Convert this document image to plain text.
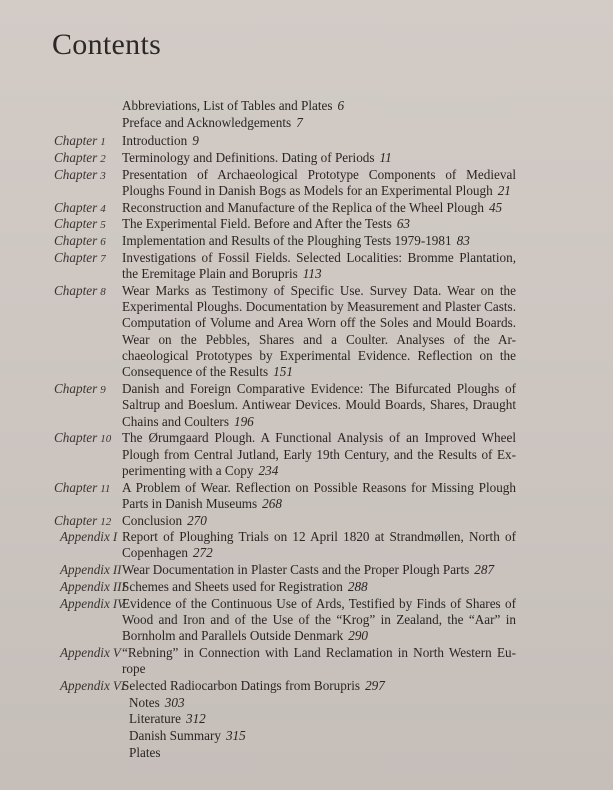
Contents
Abbreviations, List of Tables and Plates 6
Preface and Acknowledgements 7
Chapter 1 Introduction 9
Chapter 2 Terminology and Definitions. Dating of Periods 11
Chapter 3 Presentation of Archaeological Prototype Components of Medieval Ploughs Found in Danish Bogs as Models for an Experimental Plough 21
Chapter 4 Reconstruction and Manufacture of the Replica of the Wheel Plough 45
Chapter 5 The Experimental Field. Before and After the Tests 63
Chapter 6 Implementation and Results of the Ploughing Tests 1979-1981 83
Chapter 7 Investigations of Fossil Fields. Selected Localities: Bromme Plantation, the Eremitage Plain and Borupris 113
Chapter 8 Wear Marks as Testimony of Specific Use. Survey Data. Wear on the Experimental Ploughs. Documentation by Measurement and Plaster Casts. Computation of Volume and Area Worn off the Soles and Mould Boards. Wear on the Pebbles, Shares and a Coulter. Analyses of the Ar-chaeological Prototypes by Experimental Evidence. Reflection on the Consequence of the Results 151
Chapter 9 Danish and Foreign Comparative Evidence: The Bifurcated Ploughs of Saltrup and Boeslum. Antiwear Devices. Mould Boards, Shares, Draught Chains and Coulters 196
Chapter 10 The Ørumgaard Plough. A Functional Analysis of an Improved Wheel Plough from Central Jutland, Early 19th Century, and the Results of Ex-perimenting with a Copy 234
Chapter 11 A Problem of Wear. Reflection on Possible Reasons for Missing Plough Parts in Danish Museums 268
Chapter 12 Conclusion 270
Appendix I Report of Ploughing Trials on 12 April 1820 at Strandmøllen, North of Copenhagen 272
Appendix II Wear Documentation in Plaster Casts and the Proper Plough Parts 287
Appendix III
Schemes and Sheets used for Registration 288
Appendix IV
Evidence of the Continuous Use of Ards, Testified by Finds of Shares of Wood and Iron and of the Use of the “Krog” in Zealand, the “Aar” in Bornholm and Parallels Outside Denmark 290
Appendix V “Rebning” in Connection with Land Reclamation in North Western Eu-rope
Appendix VI
Selected Radiocarbon Datings from Borupris 297
Notes 303
Literature 312
Danish Summary 315
Plates
